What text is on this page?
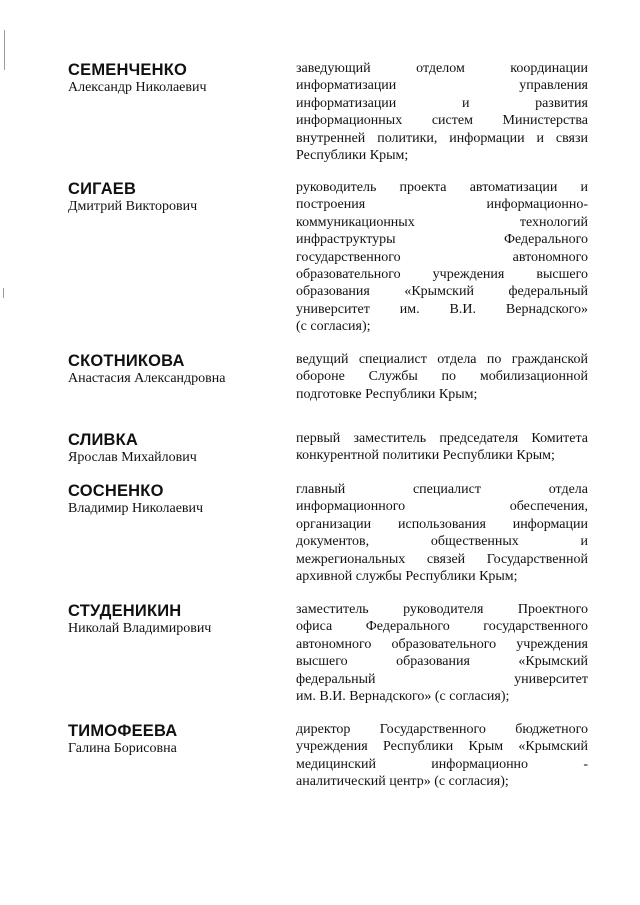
СЕМЕНЧЕНКО
Александр Николаевич
заведующий отделом координации
информатизации управления
информатизации и развития
информационных систем Министерства
внутренней политики, информации и связи
Республики Крым;
СИГАЕВ
Дмитрий Викторович
руководитель проекта автоматизации и
построения информационно-
коммуникационных технологий
инфраструктуры Федерального
государственного автономного
образовательного учреждения высшего
образования «Крымский федеральный
университет им. В.И. Вернадского»
(с согласия);
СКОТНИКОВА
Анастасия Александровна
ведущий специалист отдела по гражданской
обороне Службы по мобилизационной
подготовке Республики Крым;
СЛИВКА
Ярослав Михайлович
первый заместитель председателя Комитета
конкурентной политики Республики Крым;
СОСНЕНКО
Владимир Николаевич
главный специалист отдела
информационного обеспечения,
организации использования информации
документов, общественных и
межрегиональных связей Государственной
архивной службы Республики Крым;
СТУДЕНИКИН
Николай Владимирович
заместитель руководителя Проектного
офиса Федерального государственного
автономного образовательного учреждения
высшего образования «Крымский
федеральный университет
им. В.И. Вернадского» (с согласия);
ТИМОФЕЕВА
Галина Борисовна
директор Государственного бюджетного
учреждения Республики Крым «Крымский
медицинский информационно -
аналитический центр» (с согласия);
